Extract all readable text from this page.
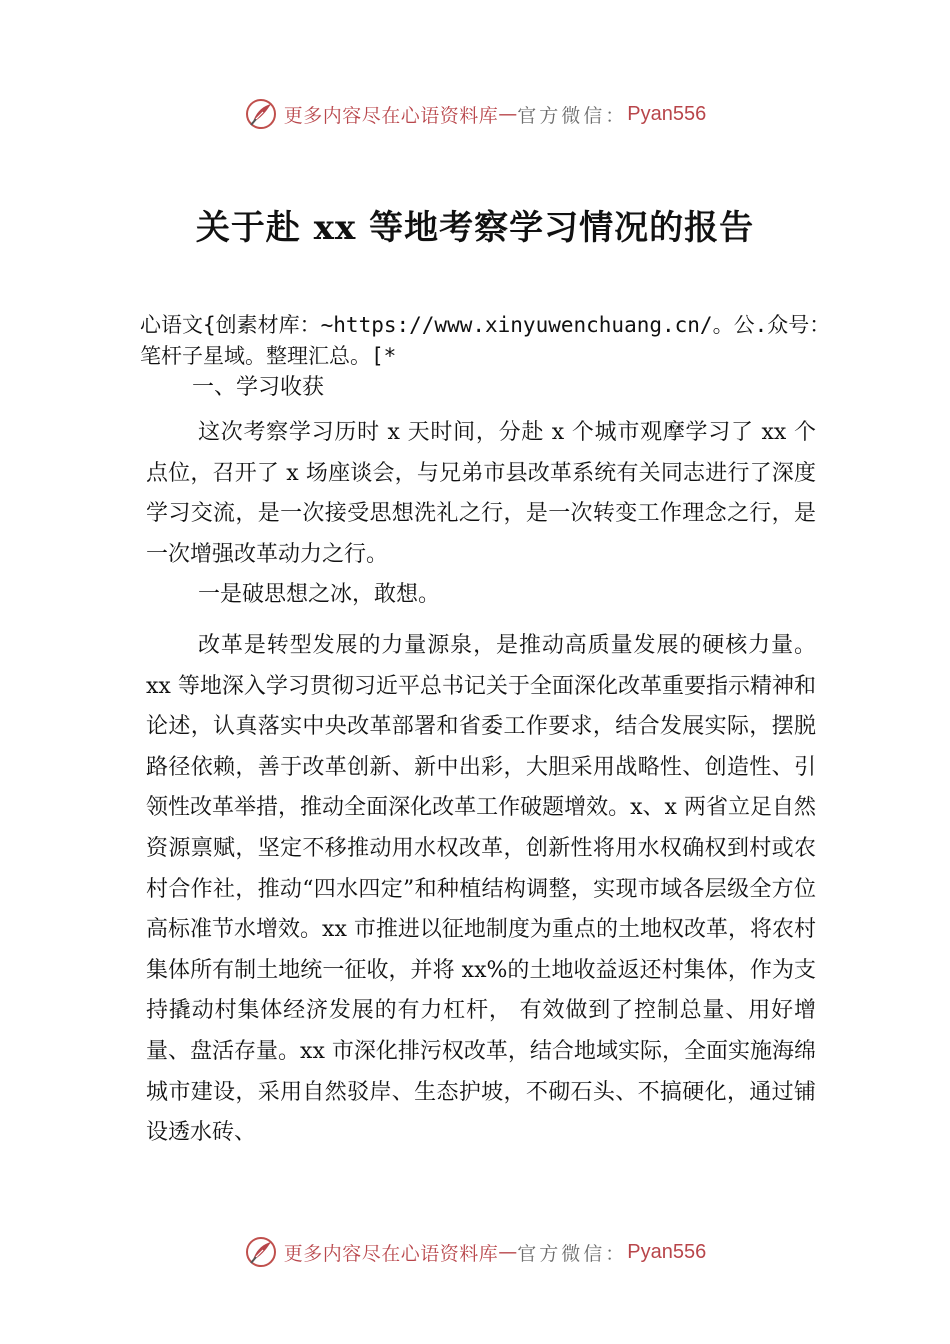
更多内容尽在心语资料库 — 官方微信： Pyan556
关于赴 xx 等地考察学习情况的报告

心语文{创素材库：~https://www.xinyuwenchuang.cn/。公.众号：笔杆子星域。整理汇总。[*

一、学习收获

这次考察学习历时 x 天时间，分赴 x 个城市观摩学习了 xx 个点位，召开了 x 场座谈会，与兄弟市县改革系统有关同志进行了深度学习交流，是一次接受思想洗礼之行，是一次转变工作理念之行，是一次增强改革动力之行。

一是破思想之冰，敢想。

改革是转型发展的力量源泉，是推动高质量发展的硬核力量。xx 等地深入学习贯彻习近平总书记关于全面深化改革重要指示精神和论述，认真落实中央改革部署和省委工作要求，结合发展实际，摆脱路径依赖，善于改革创新、新中出彩，大胆采用战略性、创造性、引领性改革举措，推动全面深化改革工作破题增效。x、x 两省立足自然资源禀赋，坚定不移推动用水权改革，创新性将用水权确权到村或农村合作社，推动“四水四定”和种植结构调整，实现市域各层级全方位高标准节水增效。xx 市推进以征地制度为重点的土地权改革，将农村集体所有制土地统一征收，并将 xx%的土地收益返还村集体，作为支持撬动村集体经济发展的有力杠杆， 有效做到了控制总量、用好增量、盘活存量。xx 市深化排污权改革，结合地域实际，全面实施海绵城市建设，采用自然驳岸、生态护坡，不砌石头、不搞硬化，通过铺设透水砖、

更多内容尽在心语资料库 — 官方微信： Pyan556
